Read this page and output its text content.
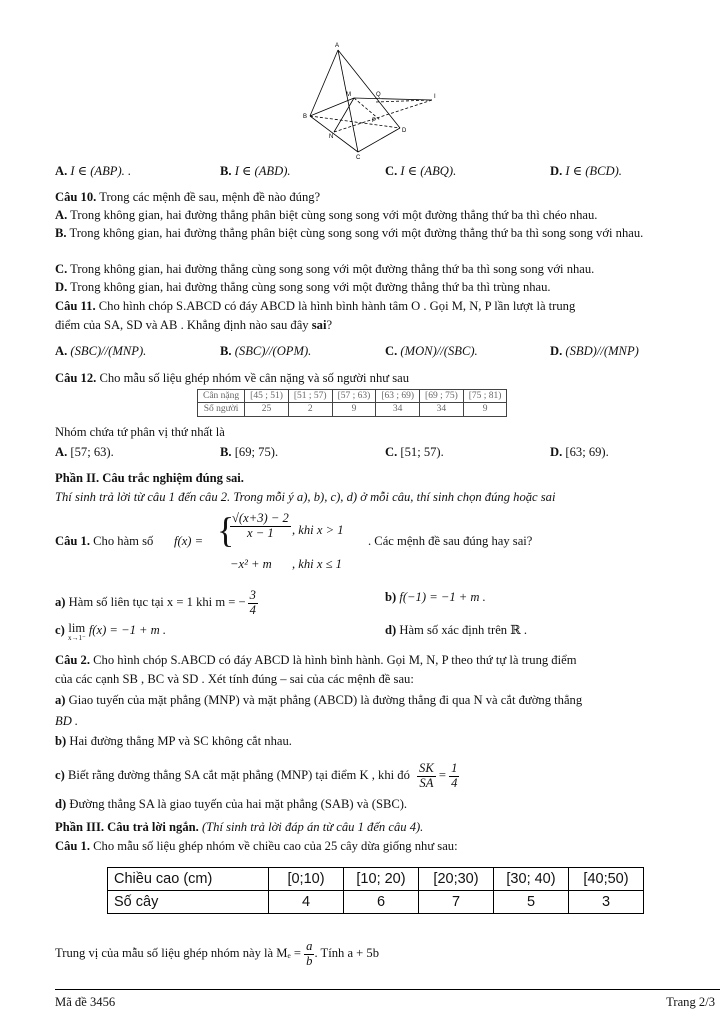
A
M	Q	I
B
P
D
N
C
A. I ∈ (ABP). .	B. I ∈ (ABD).	C. I ∈ (ABQ).	D. I ∈ (BCD).
Câu 10. Trong các mệnh đề sau, mệnh đề nào đúng?
A. Trong không gian, hai đường thẳng phân biệt cùng song song với một đường thẳng thứ ba thì chéo nhau.
B. Trong không gian, hai đường thẳng phân biệt cùng song song với một đường thẳng thứ ba thì song song với nhau.
C. Trong không gian, hai đường thẳng cùng song song với một đường thẳng thứ ba thì song song với nhau.
D. Trong không gian, hai đường thẳng cùng song song với một đường thẳng thứ ba thì trùng nhau.
Câu 11. Cho hình chóp S.ABCD có đáy ABCD là hình bình hành tâm O . Gọi M, N, P lần lượt là trung
điểm của SA, SD và AB . Khẳng định nào sau đây sai?
A. (SBC)//(MNP).	B. (SBC)//(OPM).	C. (MON)//(SBC).	D. (SBD)//(MNP)
Câu 12. Cho mẫu số liệu ghép nhóm về cân nặng và số người như sau
Cân nặng	[45 ; 51)	[51 ; 57)	[57 ; 63)	[63 ; 69)	[69 ; 75)	[75 ; 81)
Số người	25	2	9	34	34	9
Nhóm chứa tứ phân vị thứ nhất là
A. [57; 63).	B. [69; 75).	C. [51; 57).	D. [63; 69).
Phần II. Câu trắc nghiệm đúng sai.
Thí sinh trả lời từ câu 1 đến câu 2. Trong mỗi ý a), b), c), d) ở mỗi câu, thí sinh chọn đúng hoặc sai
Câu 1. Cho hàm số	f(x) = {
$\frac{√(x+3) - 2}{x - 1}$ , khi x > 1
−x² + m	, khi x ≤ 1
. Các mệnh đề sau đúng hay sai?
a) Hàm số liên tục tại x = 1 khi m = − $\frac{3}{4}$	b) f(−1) = −1 + m .
c) lim
x→1⁻
f(x) = −1 + m .	d) Hàm số xác định trên ℝ .
Câu 2. Cho hình chóp S.ABCD có đáy ABCD là hình bình hành. Gọi M, N, P theo thứ tự là trung điểm
của các cạnh SB , BC và SD . Xét tính đúng – sai của các mệnh đề sau:
a) Giao tuyến của mặt phẳng (MNP) và mặt phẳng (ABCD) là đường thẳng đi qua N và cắt đường thẳng
BD .
b) Hai đường thẳng MP và SC không cắt nhau.
c) Biết rằng đường thẳng SA cắt mặt phẳng (MNP) tại điểm K , khi đó $\frac{SK}{SA} = \frac{1}{4}$
d) Đường thẳng SA là giao tuyến của hai mặt phẳng (SAB) và (SBC).
Phần III. Câu trả lời ngắn. (Thí sinh trả lời đáp án từ câu 1 đến câu 4).
Câu 1. Cho mẫu số liệu ghép nhóm về chiều cao của 25 cây dừa giống như sau:
Chiều cao (cm)	[0;10)	[10; 20)	[20;30)	[30; 40)	[40;50)
Số cây	4	6	7	5	3
Trung vị của mẫu số liệu ghép nhóm này là $M_e = \frac{a}{b}$ . Tính a + 5b
Mã đề 3456	Trang 2/3
